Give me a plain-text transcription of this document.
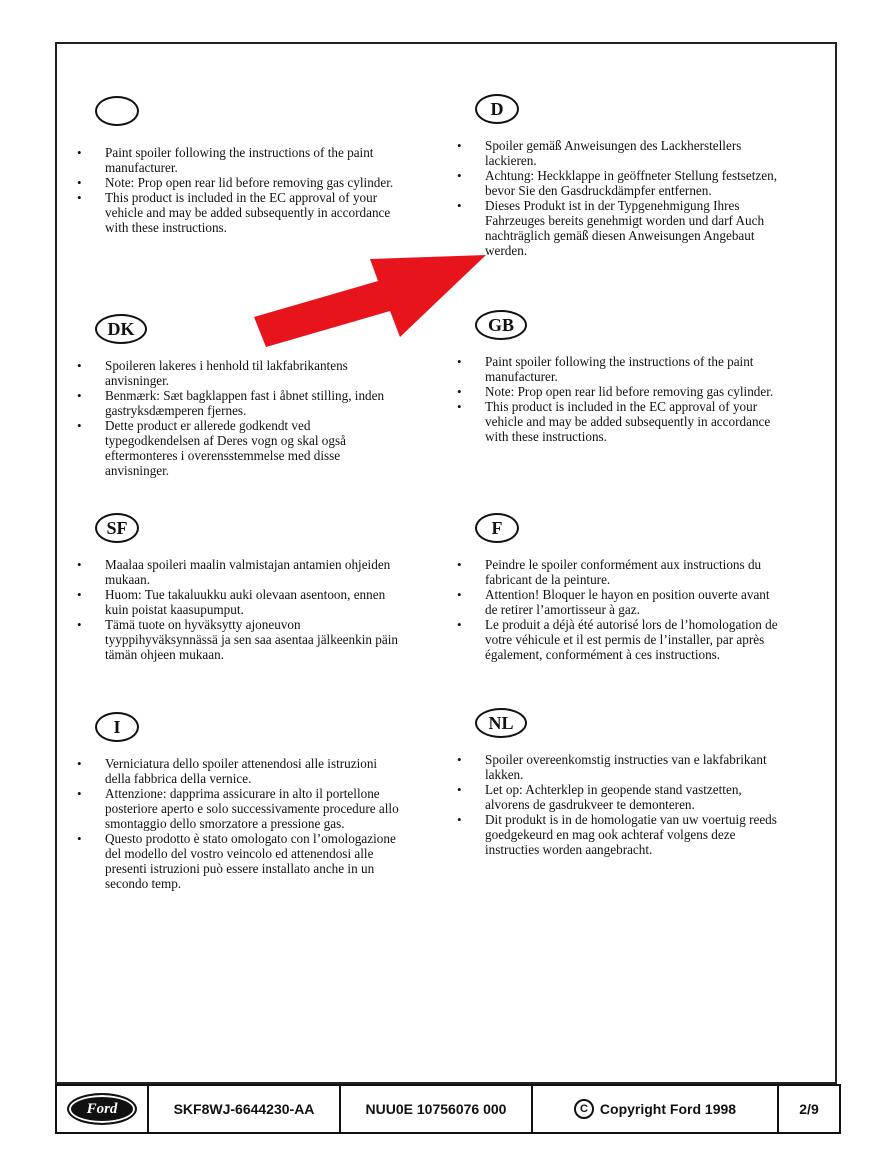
• Paint spoiler following the instructions of the paint manufacturer.
• Note: Prop open rear lid before removing gas cylinder.
• This product is included in the EC approval of your vehicle and may be added subsequently in accordance with these instructions.
DK
• Spoileren lakeres i henhold til lakfabrikantens anvisninger.
• Benmærk: Sæt bagklappen fast i åbnet stilling, inden gastryksdæmperen fjernes.
• Dette product er allerede godkendt ved typegodkendelsen af Deres vogn og skal også eftermonteres i overensstemmelse med disse anvisninger.
SF
• Maalaa spoileri maalin valmistajan antamien ohjeiden mukaan.
• Huom: Tue takaluukku auki olevaan asentoon, ennen kuin poistat kaasupumput.
• Tämä tuote on hyväksytty ajoneuvon tyyppihyväksynnässä ja sen saa asentaa jälkeenkin päin tämän ohjeen mukaan.
I
• Verniciatura dello spoiler attenendosi alle istruzioni della fabbrica della vernice.
• Attenzione: dapprima assicurare in alto il portellone posteriore aperto e solo successivamente procedure allo smontaggio dello smorzatore a pressione gas.
• Questo prodotto è stato omologato con l’omologazione del modello del vostro veincolo ed attenendosi alle presenti istruzioni può essere installato anche in un secondo temp.
D
• Spoiler gemäß Anweisungen des Lackherstellers lackieren.
• Achtung: Heckklappe in geöffneter Stellung festsetzen, bevor Sie den Gasdruckdämpfer entfernen.
• Dieses Produkt ist in der Typgenehmigung Ihres Fahrzeuges bereits genehmigt worden und darf Auch nachträglich gemäß diesen Anweisungen Angebaut werden.
GB
• Paint spoiler following the instructions of the paint manufacturer.
• Note: Prop open rear lid before removing gas cylinder.
• This product is included in the EC approval of your vehicle and may be added subsequently in accordance with these instructions.
F
• Peindre le spoiler conformément aux instructions du fabricant de la peinture.
• Attention! Bloquer le hayon en position ouverte avant de retirer l’amortisseur à gaz.
• Le produit a déjà été autorisé lors de l’homologation de votre véhicule et il est permis de l’installer, par après également, conformément à ces instructions.
NL
• Spoiler overeenkomstig instructies van e lakfabrikant lakken.
• Let op: Achterklep in geopende stand vastzetten, alvorens de gasdrukveer te demonteren.
• Dit produkt is in de homologatie van uw voertuig reeds goedgekeurd en mag ook achteraf volgens deze instructies worden aangebracht.
Ford	SKF8WJ-6644230-AA	NUU0E 10756076 000	C Copyright Ford 1998	2/9
